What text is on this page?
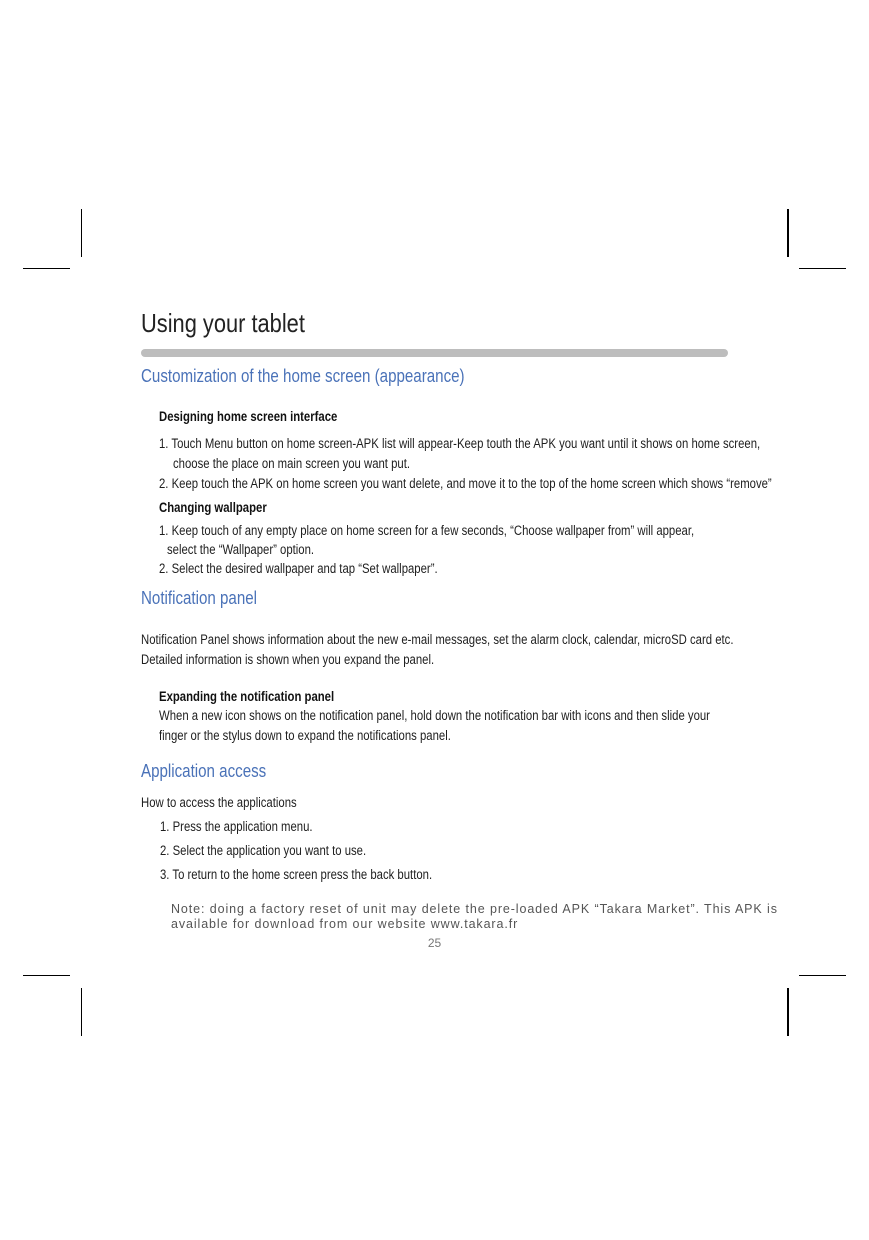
Using your tablet
Customization of the home screen (appearance)
Designing home screen interface
1. Touch Menu button on home screen-APK list will appear-Keep touth the APK you want until it shows on home screen,
choose the place on main screen you want put.
2. Keep touch the APK on home screen you want delete, and move it to the top of the home screen which shows “remove”
Changing wallpaper
1. Keep touch of any empty place on home screen for a few seconds, “Choose wallpaper from” will appear,
select the “Wallpaper” option.
2. Select the desired wallpaper and tap “Set wallpaper”.
Notification panel
Notification Panel shows information about the new e-mail messages, set the alarm clock, calendar, microSD card etc.
Detailed information is shown when you expand the panel.
Expanding the notification panel
When a new icon shows on the notification panel, hold down the notification bar with icons and then slide your
finger or the stylus down to expand the notifications panel.
Application access
How to access the applications
1. Press the application menu.
2. Select the application you want to use.
3. To return to the home screen press the back button.
Note: doing a factory reset of unit may delete the pre-loaded APK “Takara Market”. This APK is
available for download from our website www.takara.fr
25
